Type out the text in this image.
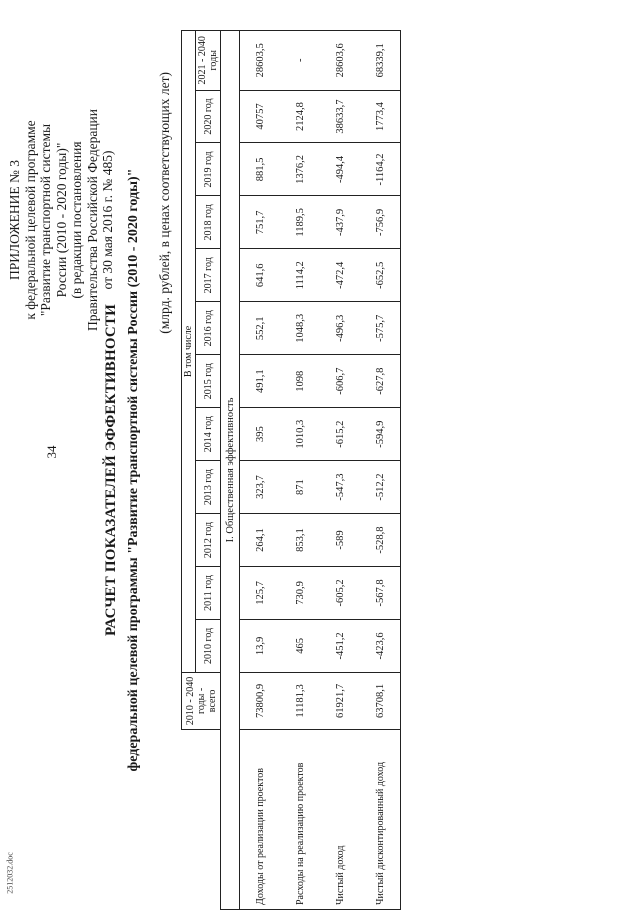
34
2512032.doc
ПРИЛОЖЕНИЕ № 3 к федеральной целевой программе "Развитие транспортной системы России (2010 - 2020 годы)" (в редакции постановления Правительства Российской Федерации от 30 мая 2016 г. № 485)
РАСЧЕТ ПОКАЗАТЕЛЕЙ ЭФФЕКТИВНОСТИ федеральной целевой программы "Развитие транспортной системы России (2010 - 2020 годы)" (млрд. рублей, в ценах соответствующих лет)
	2010 - 2040 годы - всего	В том числе											
		2010 год	2011 год	2012 год	2013 год	2014 год	2015 год	2016 год	2017 год	2018 год	2019 год	2020 год	2021 - 2040 годы
I. Общественная эффективность													
Доходы от реализации проектов	73800,9	13,9	125,7	264,1	323,7	395	491,1	552,1	641,6	751,7	881,5	40757	28603,5
Расходы на реализацию проектов	11181,3	465	730,9	853,1	871	1010,3	1098	1048,3	1114,2	1189,5	1376,2	2124,8	-
Чистый доход	61921,7	-451,2	-605,2	-589	-547,3	-615,2	-606,7	-496,3	-472,4	-437,9	-494,4	38633,7	28603,6
Чистый дисконтированный доход	63708,1	-423,6	-567,8	-528,8	-512,2	-594,9	-627,8	-575,7	-652,5	-756,9	-1164,2	1773,4	68339,1
